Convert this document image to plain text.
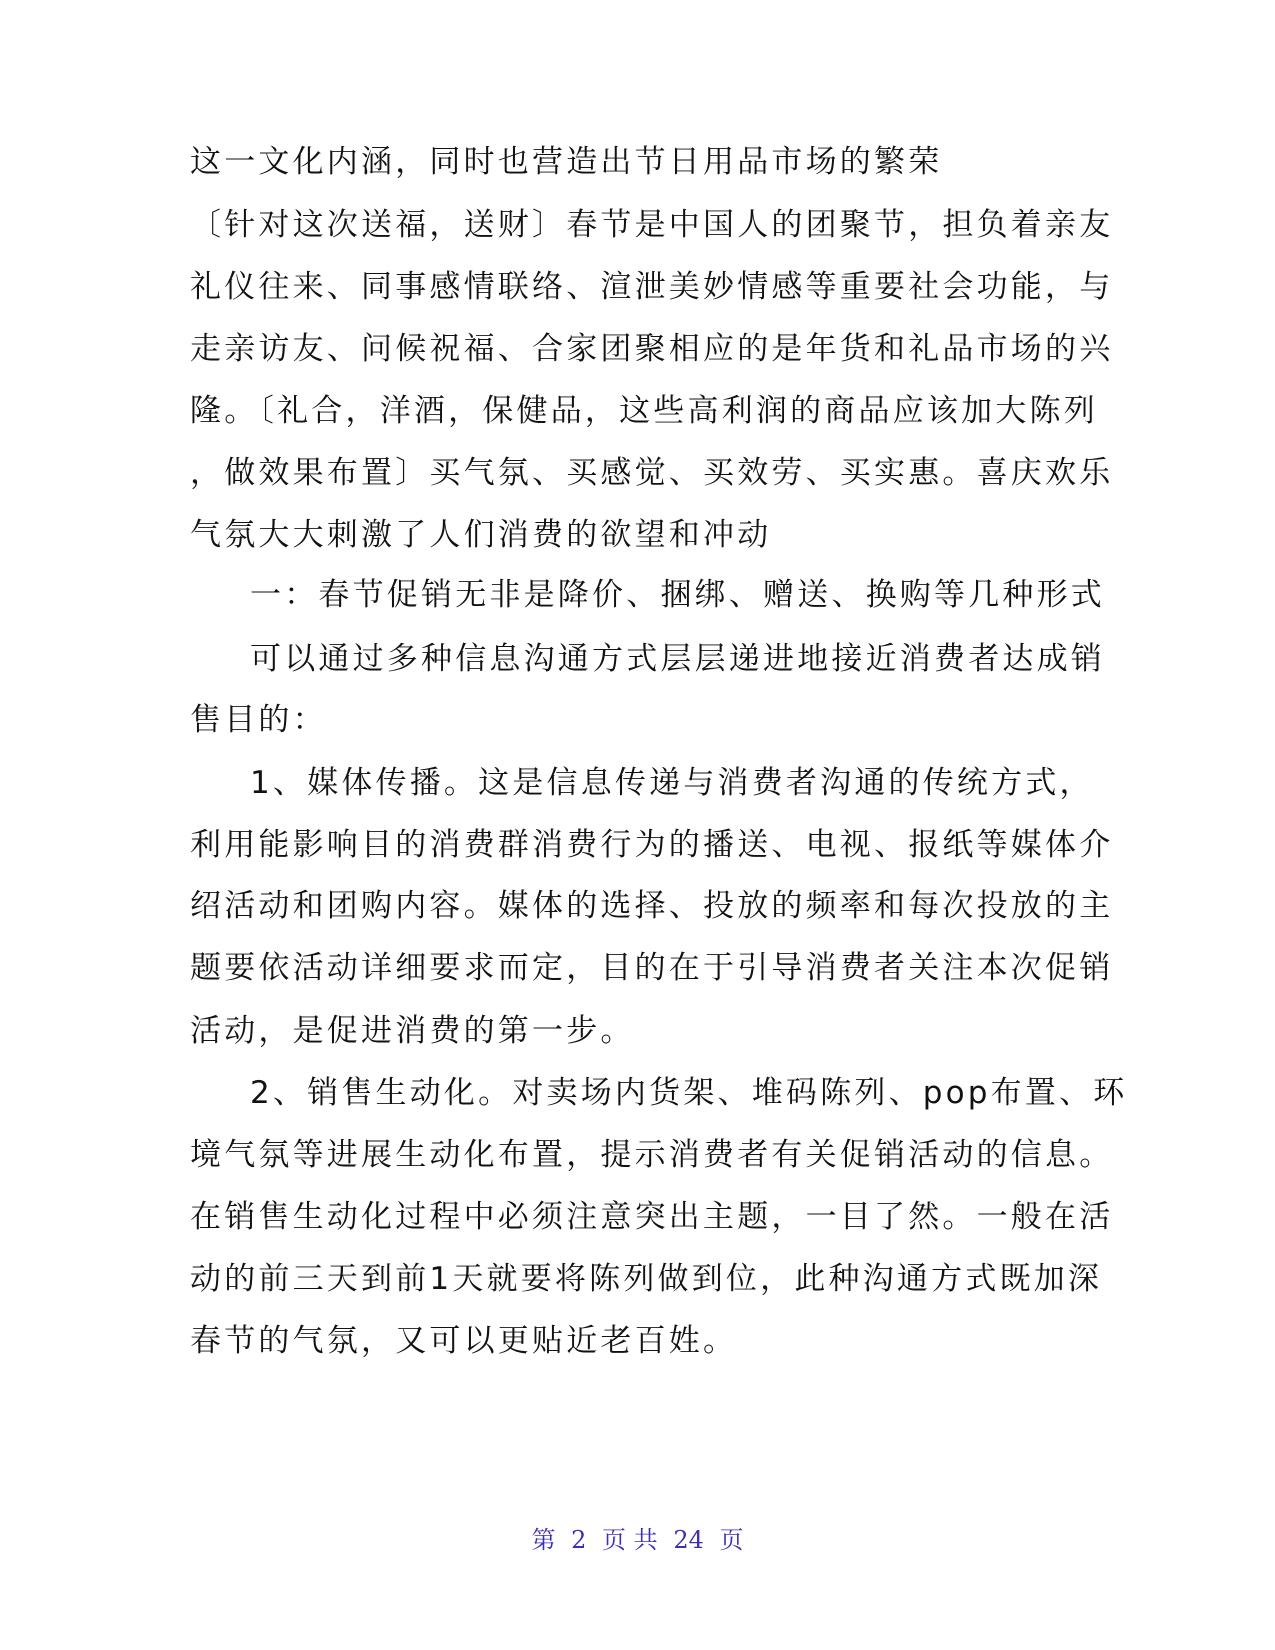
这一文化内涵，同时也营造出节日用品市场的繁荣
〔针对这次送福，送财〕春节是中国人的团聚节，担负着亲友
礼仪往来、同事感情联络、渲泄美妙情感等重要社会功能，与
走亲访友、问候祝福、合家团聚相应的是年货和礼品市场的兴
隆。〔礼合，洋酒，保健品，这些高利润的商品应该加大陈列
，做效果布置〕买气氛、买感觉、买效劳、买实惠。喜庆欢乐
气氛大大刺激了人们消费的欲望和冲动
一：春节促销无非是降价、捆绑、赠送、换购等几种形式
可以通过多种信息沟通方式层层递进地接近消费者达成销
售目的：
1、媒体传播。这是信息传递与消费者沟通的传统方式，
利用能影响目的消费群消费行为的播送、电视、报纸等媒体介
绍活动和团购内容。媒体的选择、投放的频率和每次投放的主
题要依活动详细要求而定，目的在于引导消费者关注本次促销
活动，是促进消费的第一步。
2、销售生动化。对卖场内货架、堆码陈列、pop布置、环
境气氛等进展生动化布置，提示消费者有关促销活动的信息。
在销售生动化过程中必须注意突出主题，一目了然。一般在活
动的前三天到前1天就要将陈列做到位，此种沟通方式既加深
春节的气氛，又可以更贴近老百姓。
第 2 页 共 24 页
